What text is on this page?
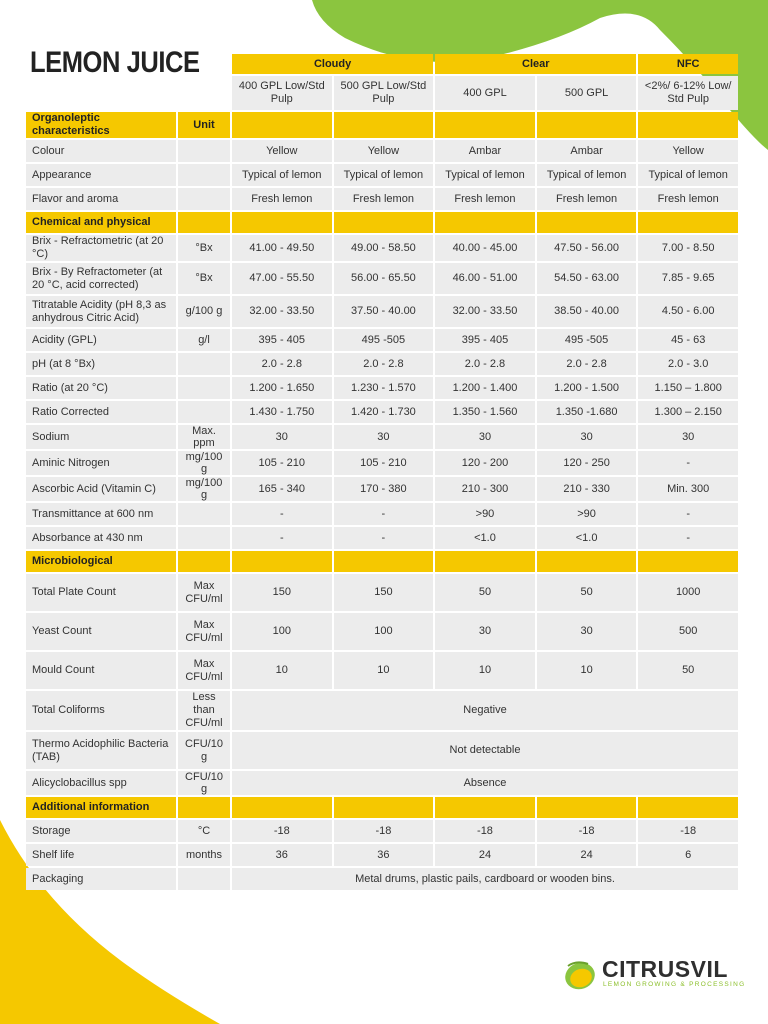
LEMON JUICE
			Cloudy		Clear		NFC
		400 GPL Low/Std Pulp	500 GPL Low/Std Pulp	400 GPL	500 GPL	<2%/ 6-12% Low/ Std Pulp
Organoleptic characteristics	Unit					
Colour		Yellow	Yellow	Ambar	Ambar	Yellow
Appearance		Typical of lemon	Typical of lemon	Typical of lemon	Typical of lemon	Typical of lemon
Flavor and aroma		Fresh lemon	Fresh lemon	Fresh lemon	Fresh lemon	Fresh lemon
Chemical and physical						
Brix - Refractometric (at 20 °C)	°Bx	41.00 - 49.50	49.00 - 58.50	40.00 - 45.00	47.50 - 56.00	7.00 - 8.50
Brix - By Refractometer (at 20 °C, acid corrected)	°Bx	47.00 - 55.50	56.00 - 65.50	46.00 - 51.00	54.50 - 63.00	7.85 - 9.65
Titratable Acidity (pH 8,3 as anhydrous Citric Acid)	g/100 g	32.00 - 33.50	37.50 - 40.00	32.00 - 33.50	38.50 - 40.00	4.50 - 6.00
Acidity (GPL)	g/l	395 - 405	495 -505	395 - 405	495 -505	45 - 63
pH (at 8 °Bx)		2.0 - 2.8	2.0 - 2.8	2.0 - 2.8	2.0 - 2.8	2.0 - 3.0
Ratio (at 20 °C)		1.200 - 1.650	1.230 - 1.570	1.200 - 1.400	1.200 - 1.500	1.150 – 1.800
Ratio Corrected		1.430 - 1.750	1.420 - 1.730	1.350 - 1.560	1.350 -1.680	1.300 – 2.150
Sodium	Max. ppm	30	30	30	30	30
Aminic Nitrogen	mg/100 g	105 - 210	105 - 210	120 - 200	120 - 250	-
Ascorbic Acid (Vitamin C)	mg/100 g	165 - 340	170 - 380	210 - 300	210 - 330	Min. 300
Transmittance at 600 nm		-	-	>90	>90	-
Absorbance at 430 nm		-	-	<1.0	<1.0	-
Microbiological						
Total Plate Count	Max CFU/ml	150	150	50	50	1000
Yeast Count	Max CFU/ml	100	100	30	30	500
Mould Count	Max CFU/ml	10	10	10	10	50
Total Coliforms	Less than CFU/ml	Negative				
Thermo Acidophilic Bacteria (TAB)	CFU/10 g	Not detectable				
Alicyclobacillus spp	CFU/10 g	Absence				
Additional information						
Storage	°C	-18	-18	-18	-18	-18
Shelf life	months	36	36	24	24	6
Packaging		Metal drums, plastic pails, cardboard or wooden bins.				
CITRUSVIL
LEMON GROWING & PROCESSING
